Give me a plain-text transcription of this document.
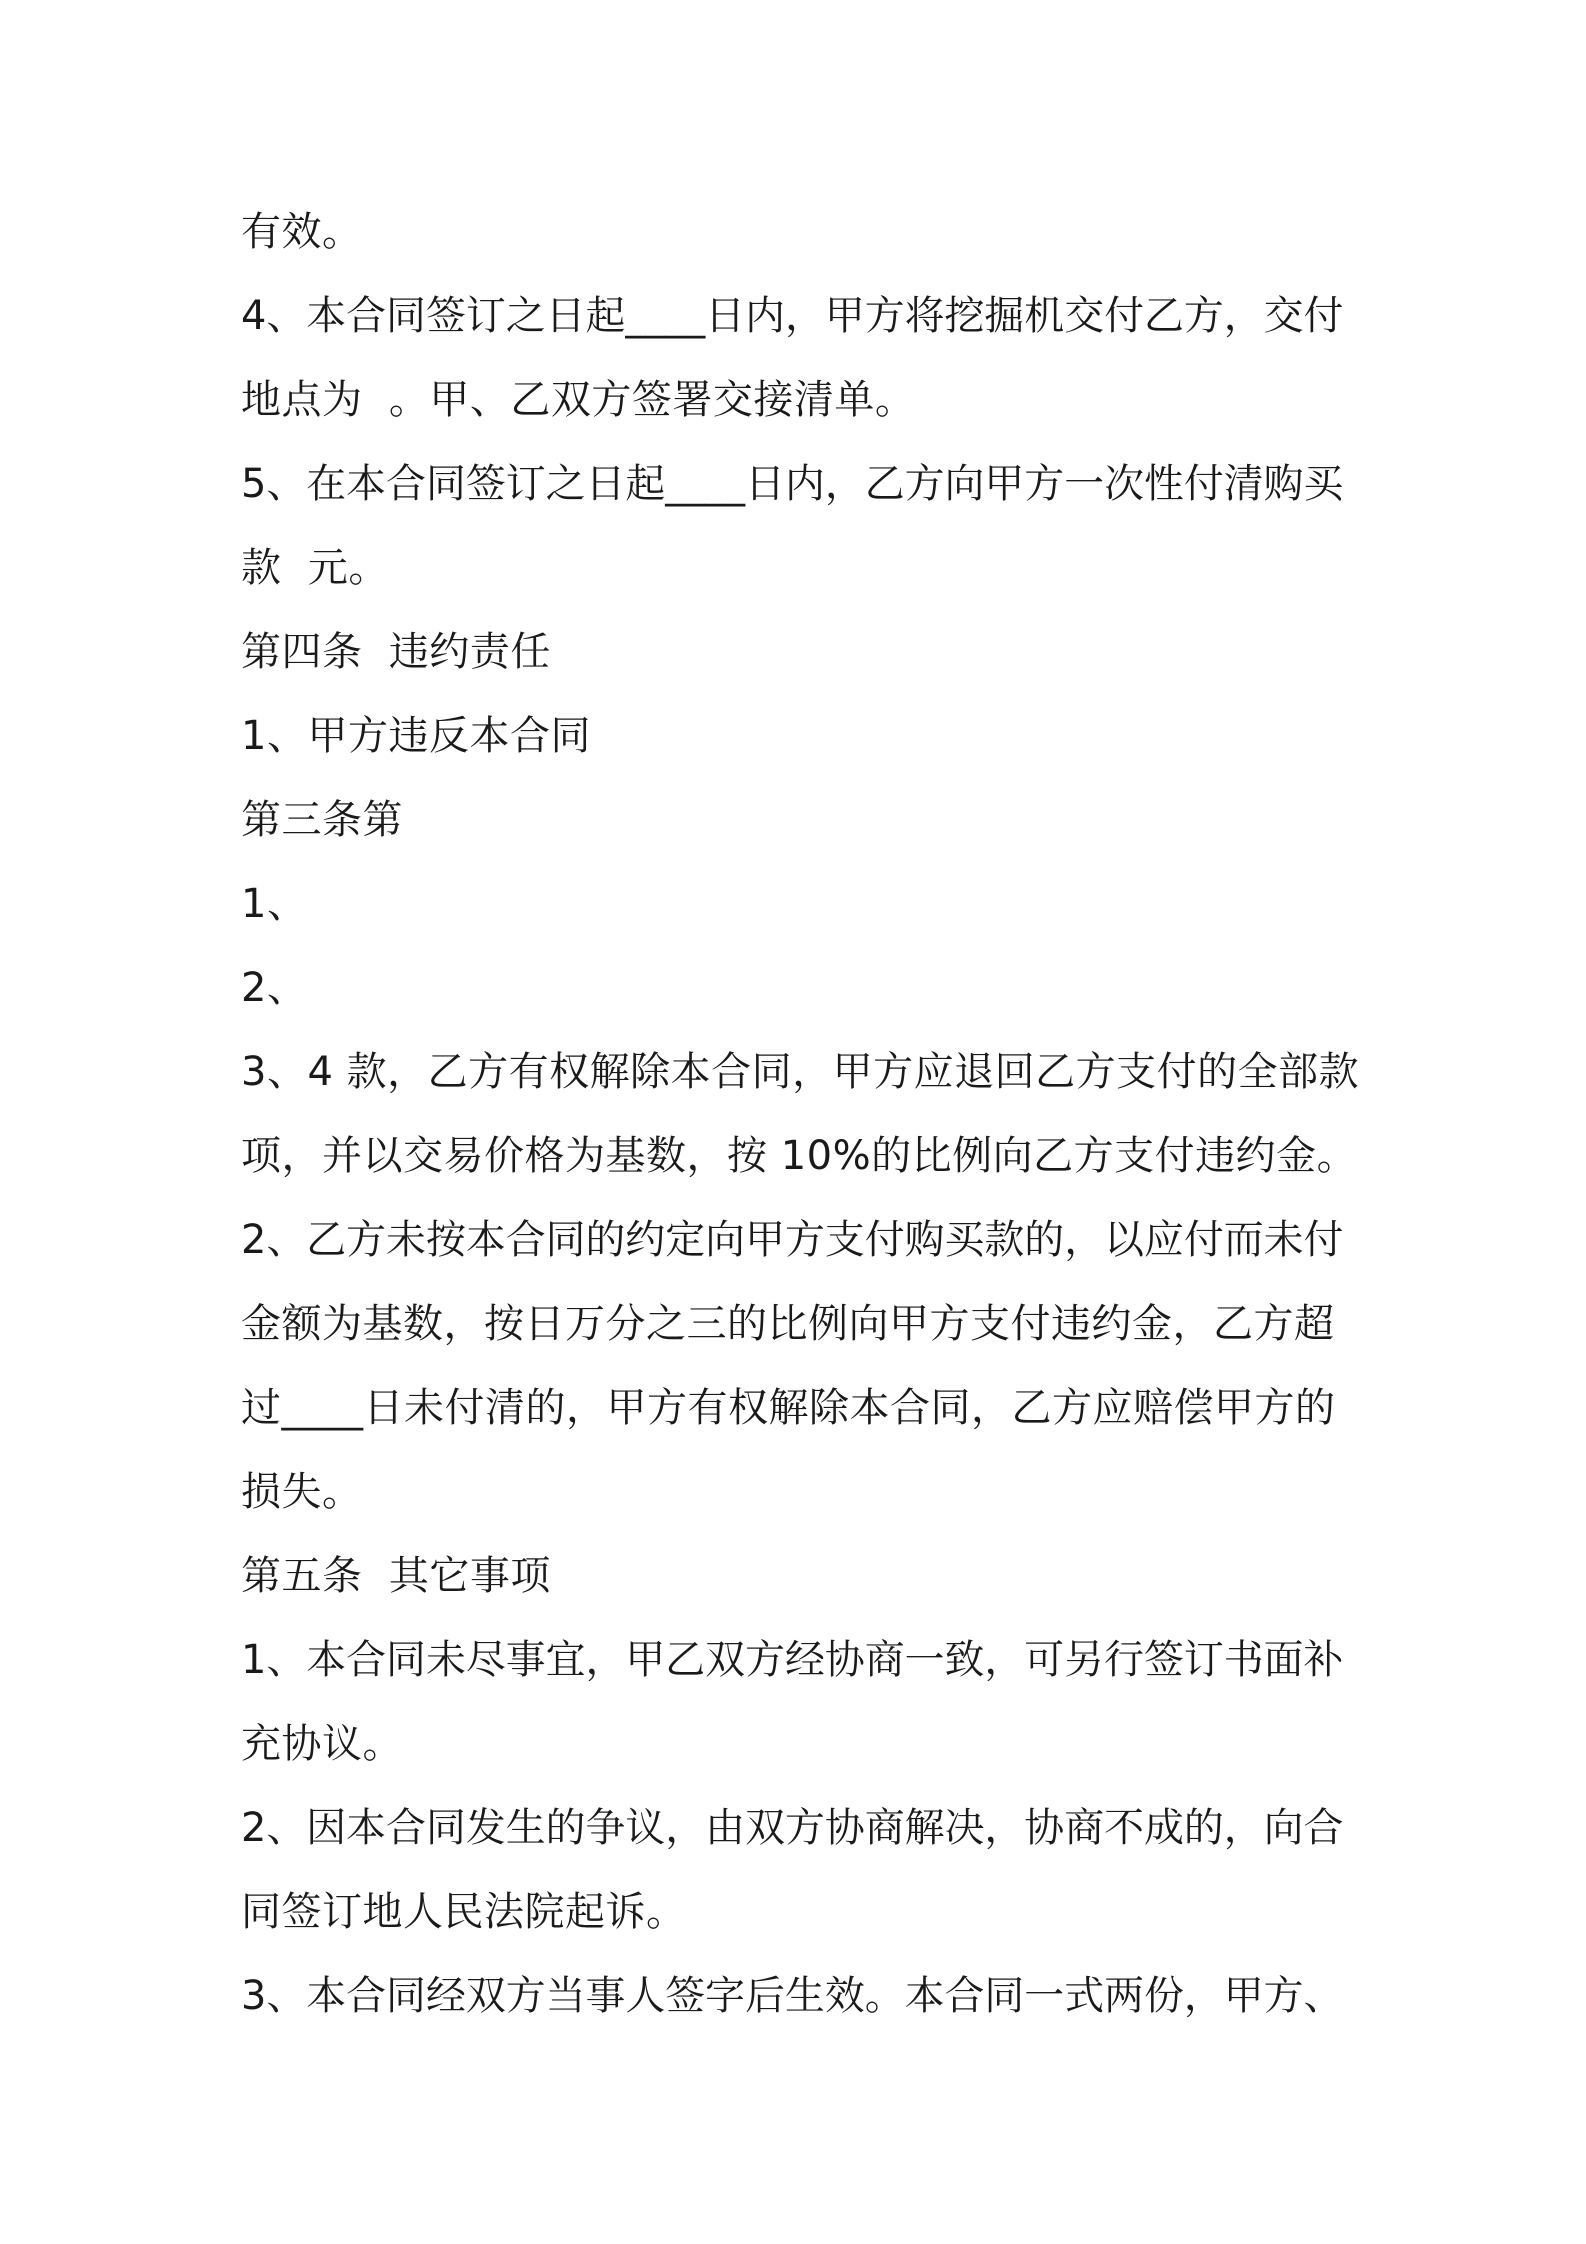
有效。
4、本合同签订之日起____日内，甲方将挖掘机交付乙方，交付
地点为  。甲、乙双方签署交接清单。
5、在本合同签订之日起____日内，乙方向甲方一次性付清购买
款  元。
第四条  违约责任
1、甲方违反本合同
第三条第
1、
2、
3、4 款，乙方有权解除本合同，甲方应退回乙方支付的全部款
项，并以交易价格为基数，按 10%的比例向乙方支付违约金。
2、乙方未按本合同的约定向甲方支付购买款的，以应付而未付
金额为基数，按日万分之三的比例向甲方支付违约金，乙方超
过____日未付清的，甲方有权解除本合同，乙方应赔偿甲方的
损失。
第五条  其它事项
1、本合同未尽事宜，甲乙双方经协商一致，可另行签订书面补
充协议。
2、因本合同发生的争议，由双方协商解决，协商不成的，向合
同签订地人民法院起诉。
3、本合同经双方当事人签字后生效。本合同一式两份，甲方、
